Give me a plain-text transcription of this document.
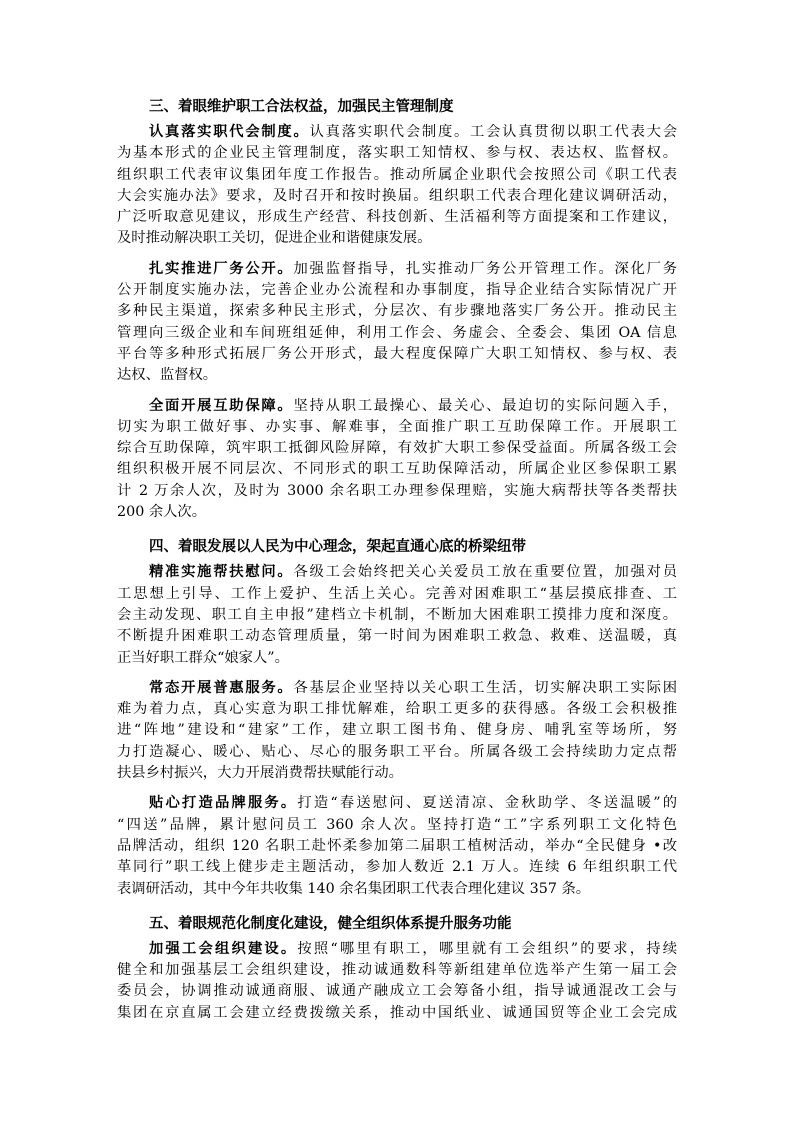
三、着眼维护职工合法权益，加强民主管理制度
认真落实职代会制度。认真落实职代会制度。工会认真贯彻以职工代表大会
为基本形式的企业民主管理制度，落实职工知情权、参与权、表达权、监督权。
组织职工代表审议集团年度工作报告。推动所属企业职代会按照公司《职工代表
大会实施办法》要求，及时召开和按时换届。组织职工代表合理化建议调研活动，
广泛听取意见建议，形成生产经营、科技创新、生活福利等方面提案和工作建议，
及时推动解决职工关切，促进企业和谐健康发展。
扎实推进厂务公开。加强监督指导，扎实推动厂务公开管理工作。深化厂务
公开制度实施办法，完善企业办公流程和办事制度，指导企业结合实际情况广开
多种民主渠道，探索多种民主形式，分层次、有步骤地落实厂务公开。推动民主
管理向三级企业和车间班组延伸，利用工作会、务虚会、全委会、集团 OA 信息
平台等多种形式拓展厂务公开形式，最大程度保障广大职工知情权、参与权、表
达权、监督权。
全面开展互助保障。坚持从职工最操心、最关心、最迫切的实际问题入手，
切实为职工做好事、办实事、解难事，全面推广职工互助保障工作。开展职工
综合互助保障，筑牢职工抵御风险屏障，有效扩大职工参保受益面。所属各级工会
组织积极开展不同层次、不同形式的职工互助保障活动，所属企业区参保职工累
计 2 万余人次，及时为 3000 余名职工办理参保理赔，实施大病帮扶等各类帮扶
200 余人次。
四、着眼发展以人民为中心理念，架起直通心底的桥梁纽带
精准实施帮扶慰问。各级工会始终把关心关爱员工放在重要位置，加强对员
工思想上引导、工作上爱护、生活上关心。完善对困难职工“基层摸底排查、工
会主动发现、职工自主申报”建档立卡机制，不断加大困难职工摸排力度和深度。
不断提升困难职工动态管理质量，第一时间为困难职工救急、救难、送温暖，真
正当好职工群众“娘家人”。
常态开展普惠服务。各基层企业坚持以关心职工生活，切实解决职工实际困
难为着力点，真心实意为职工排忧解难，给职工更多的获得感。各级工会积极推
进“阵地”建设和“建家”工作，建立职工图书角、健身房、哺乳室等场所，努
力打造凝心、暖心、贴心、尽心的服务职工平台。所属各级工会持续助力定点帮
扶县乡村振兴，大力开展消费帮扶赋能行动。
贴心打造品牌服务。打造“春送慰问、夏送清凉、金秋助学、冬送温暖”的
“四送”品牌，累计慰问员工 360 余人次。坚持打造“工”字系列职工文化特色
品牌活动，组织 120 名职工赴怀柔参加第二届职工植树活动，举办“全民健身 •改
革同行”职工线上健步走主题活动，参加人数近 2.1 万人。连续 6 年组织职工代
表调研活动，其中今年共收集 140 余名集团职工代表合理化建议 357 条。
五、着眼规范化制度化建设，健全组织体系提升服务功能
加强工会组织建设。按照“哪里有职工，哪里就有工会组织”的要求，持续
健全和加强基层工会组织建设，推动诚通数科等新组建单位选举产生第一届工会
委员会，协调推动诚通商服、诚通产融成立工会筹备小组，指导诚通混改工会与
集团在京直属工会建立经费拨缴关系，推动中国纸业、诚通国贸等企业工会完成
